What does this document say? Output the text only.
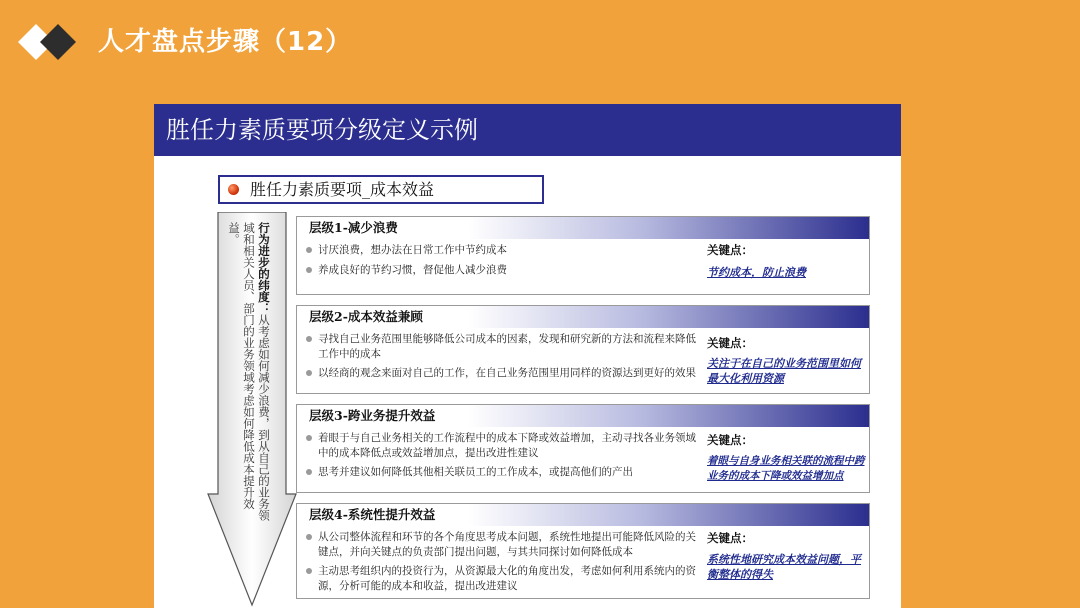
人才盘点步骤（12）
胜任力素质要项分级定义示例
胜任力素质要项_成本效益
行为进步的纬度：从考虑如何减少浪费，到从自己的业务领域和相关人员、部门的业务领域考虑如何降低成本提升效益。	层级1-减少浪费
讨厌浪费，想办法在日常工作中节约成本
养成良好的节约习惯，督促他人减少浪费
关键点：
节约成本，防止浪费
层级2-成本效益兼顾
寻找自己业务范围里能够降低公司成本的因素，发现和研究新的方法和流程来降低工作中的成本
以经商的观念来面对自己的工作，在自己业务范围里用同样的资源达到更好的效果
关键点：
关注于在自己的业务范围里如何最大化利用资源
层级3-跨业务提升效益
着眼于与自己业务相关的工作流程中的成本下降或效益增加，主动寻找各业务领域中的成本降低点或效益增加点，提出改进性建议
思考并建议如何降低其他相关联员工的工作成本，或提高他们的产出
关键点：
着眼与自身业务相关联的流程中跨业务的成本下降或效益增加点
层级4-系统性提升效益
从公司整体流程和环节的各个角度思考成本问题，系统性地提出可能降低风险的关键点，并向关键点的负责部门提出问题，与其共同探讨如何降低成本
主动思考组织内的投资行为，从资源最大化的角度出发，考虑如何利用系统内的资源，分析可能的成本和收益，提出改进建议
关键点：
系统性地研究成本效益问题，平衡整体的得失
